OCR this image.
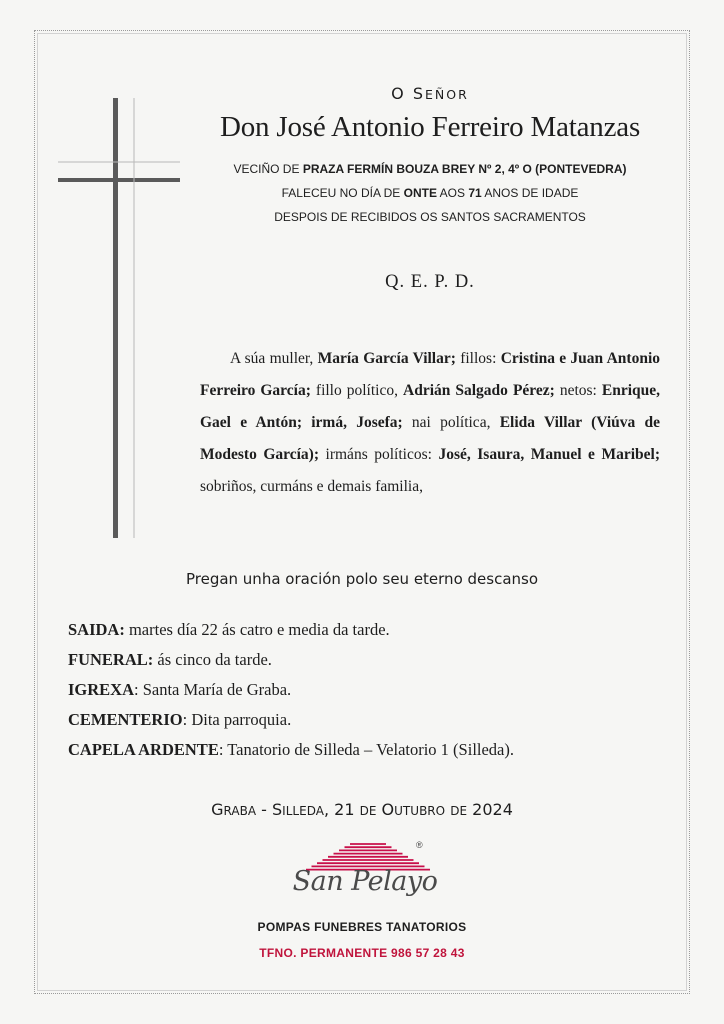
O SEÑOR
Don José Antonio Ferreiro Matanzas
VECIÑO DE PRAZA FERMÍN BOUZA BREY Nº 2, 4º O (PONTEVEDRA)
FALECEU NO DÍA DE ONTE AOS 71 ANOS DE IDADE
DESPOIS DE RECIBIDOS OS SANTOS SACRAMENTOS
Q. E. P. D.
A súa muller, María García Villar; fillos: Cristina e Juan Antonio Ferreiro García; fillo político, Adrián Salgado Pérez; netos: Enrique, Gael e Antón; irmá, Josefa; nai política, Elida Villar (Viúva de Modesto García); irmáns políticos: José, Isaura, Manuel e Maribel; sobriños, curmáns e demais familia,
Pregan unha oración polo seu eterno descanso
SAIDA: martes día 22 ás catro e media da tarde.
FUNERAL: ás cinco da tarde.
IGREXA: Santa María de Graba.
CEMENTERIO: Dita parroquia.
CAPELA ARDENTE: Tanatorio de Silleda – Velatorio 1 (Silleda).
GRABA - SILLEDA, 21 DE OUTUBRO DE 2024
®
San Pelayo
POMPAS FUNEBRES TANATORIOS
TFNO. PERMANENTE 986 57 28 43
